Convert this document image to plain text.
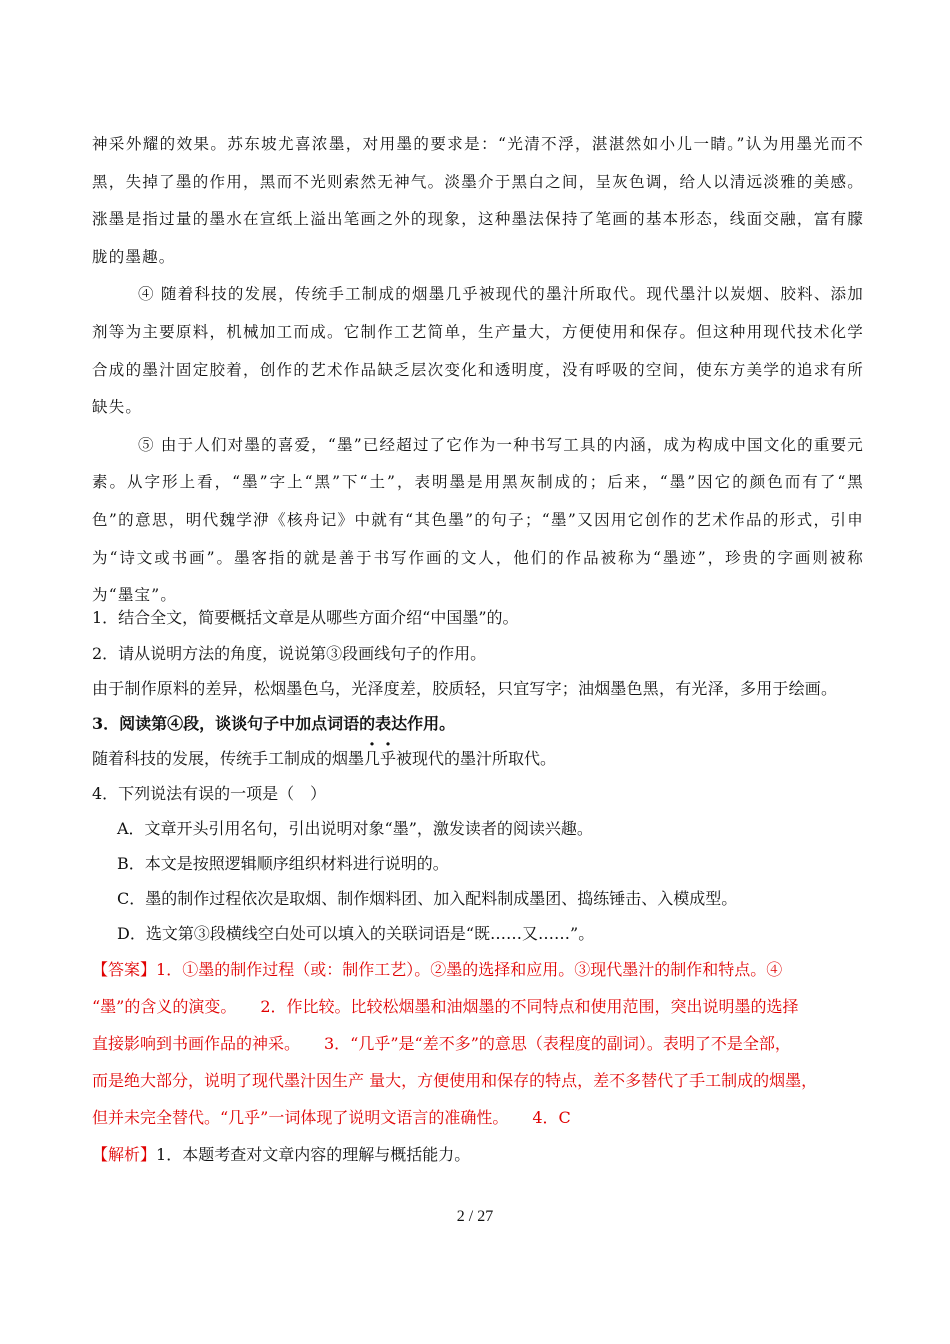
神采外耀的效果。苏东坡尤喜浓墨，对用墨的要求是：“光清不浮，湛湛然如小儿一睛。”认为用墨光而不黑，失掉了墨的作用，黑而不光则索然无神气。淡墨介于黑白之间，呈灰色调，给人以清远淡雅的美感。涨墨是指过量的墨水在宣纸上溢出笔画之外的现象，这种墨法保持了笔画的基本形态，线面交融，富有朦胧的墨趣。

④ 随着科技的发展，传统手工制成的烟墨几乎被现代的墨汁所取代。现代墨汁以炭烟、胶料、添加剂等为主要原料，机械加工而成。它制作工艺简单，生产量大，方便使用和保存。但这种用现代技术化学合成的墨汁固定胶着，创作的艺术作品缺乏层次变化和透明度，没有呼吸的空间，使东方美学的追求有所缺失。

⑤ 由于人们对墨的喜爱，“墨”已经超过了它作为一种书写工具的内涵，成为构成中国文化的重要元素。从字形上看，“墨”字上“黑”下“土”，表明墨是用黑灰制成的；后来，“墨”因它的颜色而有了“黑色”的意思，明代魏学洢《核舟记》中就有“其色墨”的句子；“墨”又因用它创作的艺术作品的形式，引申为“诗文或书画”。墨客指的就是善于书写作画的文人，他们的作品被称为“墨迹”，珍贵的字画则被称为“墨宝”。

1．结合全文，简要概括文章是从哪些方面介绍“中国墨”的。

2．请从说明方法的角度，说说第③段画线句子的作用。

由于制作原料的差异，松烟墨色乌，光泽度差，胶质轻，只宜写字；油烟墨色黑，有光泽，多用于绘画。

3．阅读第④段，谈谈句子中加点词语的表达作用。

随着科技的发展，传统手工制成的烟墨几乎被现代的墨汁所取代。

4．下列说法有误的一项是（　）

A．文章开头引用名句，引出说明对象“墨”，激发读者的阅读兴趣。
B．本文是按照逻辑顺序组织材料进行说明的。
C．墨的制作过程依次是取烟、制作烟料团、加入配料制成墨团、捣练锤击、入模成型。
D．选文第③段横线空白处可以填入的关联词语是“既……又……”。

【答案】1．①墨的制作过程（或：制作工艺）。②墨的选择和应用。③现代墨汁的制作和特点。④

“墨”的含义的演变。　　2．作比较。比较松烟墨和油烟墨的不同特点和使用范围，突出说明墨的选择

直接影响到书画作品的神采。　　3．“几乎”是“差不多”的意思（表程度的副词）。表明了不是全部，

而是绝大部分，说明了现代墨汁因生产 量大，方便使用和保存的特点，差不多替代了手工制成的烟墨，

但并未完全替代。“几乎”一词体现了说明文语言的准确性。　　4．C

【解析】1．本题考查对文章内容的理解与概括能力。

2 / 27
